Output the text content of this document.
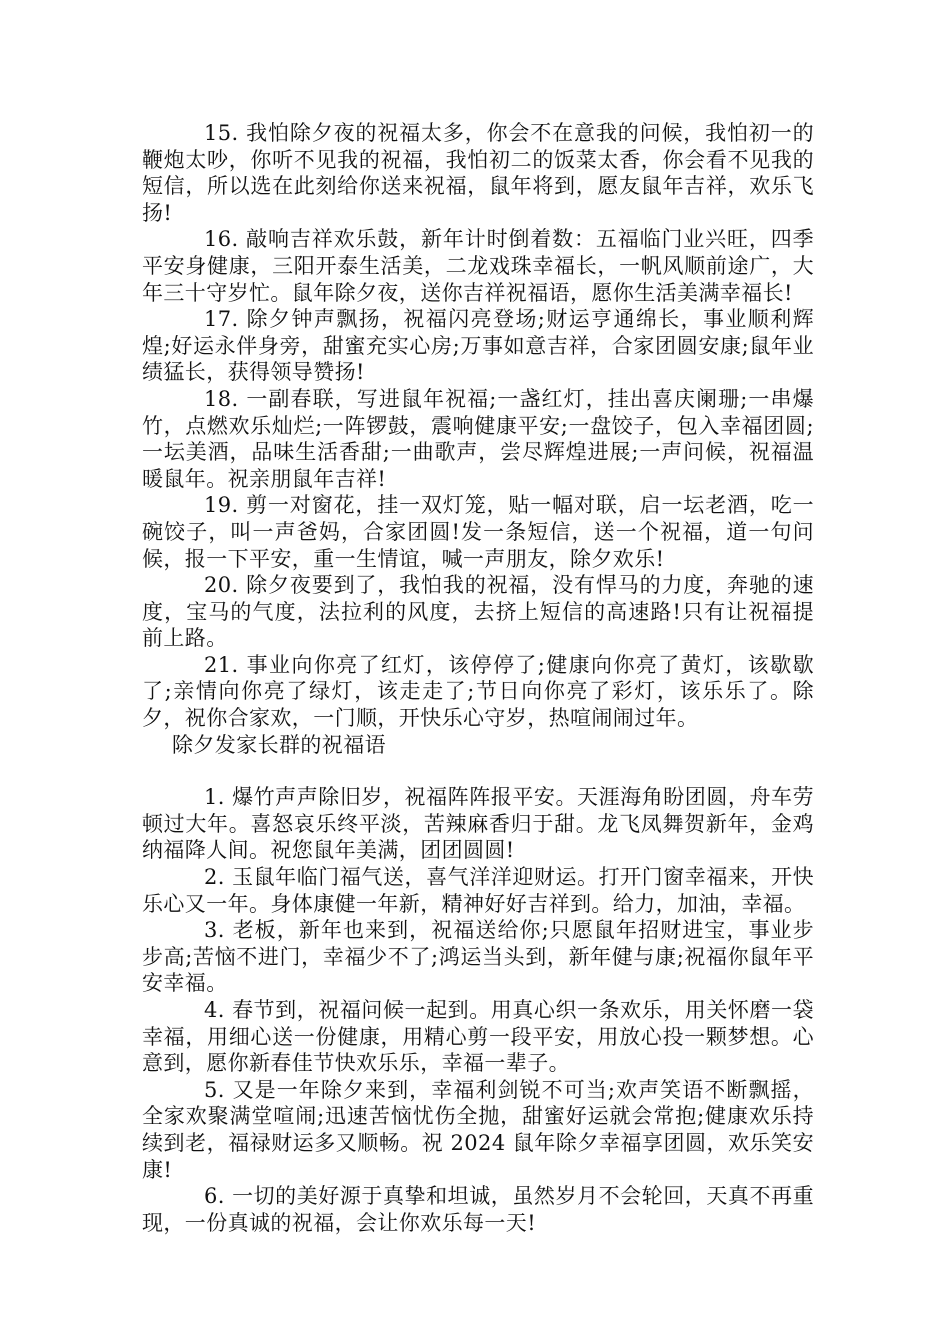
15. 我怕除夕夜的祝福太多，你会不在意我的问候，我怕初一的鞭炮太吵，你听不见我的祝福，我怕初二的饭菜太香，你会看不见我的短信，所以选在此刻给你送来祝福，鼠年将到，愿友鼠年吉祥，欢乐飞扬!

16. 敲响吉祥欢乐鼓，新年计时倒着数：五福临门业兴旺，四季平安身健康，三阳开泰生活美，二龙戏珠幸福长，一帆风顺前途广，大年三十守岁忙。鼠年除夕夜，送你吉祥祝福语，愿你生活美满幸福长!

17. 除夕钟声飘扬，祝福闪亮登场;财运亨通绵长，事业顺利辉煌;好运永伴身旁，甜蜜充实心房;万事如意吉祥，合家团圆安康;鼠年业绩猛长，获得领导赞扬!

18. 一副春联，写进鼠年祝福;一盏红灯，挂出喜庆阑珊;一串爆竹，点燃欢乐灿烂;一阵锣鼓，震响健康平安;一盘饺子，包入幸福团圆;一坛美酒，品味生活香甜;一曲歌声，尝尽辉煌进展;一声问候，祝福温暖鼠年。祝亲朋鼠年吉祥!

19. 剪一对窗花，挂一双灯笼，贴一幅对联，启一坛老酒，吃一碗饺子，叫一声爸妈，合家团圆!发一条短信，送一个祝福，道一句问候，报一下平安，重一生情谊，喊一声朋友，除夕欢乐!

20. 除夕夜要到了，我怕我的祝福，没有悍马的力度，奔驰的速度，宝马的气度，法拉利的风度，去挤上短信的高速路!只有让祝福提前上路。

21. 事业向你亮了红灯，该停停了;健康向你亮了黄灯，该歇歇了;亲情向你亮了绿灯，该走走了;节日向你亮了彩灯，该乐乐了。除夕，祝你合家欢，一门顺，开快乐心守岁，热喧闹闹过年。

除夕发家长群的祝福语

1. 爆竹声声除旧岁，祝福阵阵报平安。天涯海角盼团圆，舟车劳顿过大年。喜怒哀乐终平淡，苦辣麻香归于甜。龙飞凤舞贺新年，金鸡纳福降人间。祝您鼠年美满，团团圆圆!

2. 玉鼠年临门福气送，喜气洋洋迎财运。打开门窗幸福来，开快乐心又一年。身体康健一年新，精神好好吉祥到。给力，加油，幸福。

3. 老板，新年也来到，祝福送给你;只愿鼠年招财进宝，事业步步高;苦恼不进门，幸福少不了;鸿运当头到，新年健与康;祝福你鼠年平安幸福。

4. 春节到，祝福问候一起到。用真心织一条欢乐，用关怀磨一袋幸福，用细心送一份健康，用精心剪一段平安，用放心投一颗梦想。心意到，愿你新春佳节快欢乐乐，幸福一辈子。

5. 又是一年除夕来到，幸福利剑锐不可当;欢声笑语不断飘摇，全家欢聚满堂喧闹;迅速苦恼忧伤全抛，甜蜜好运就会常抱;健康欢乐持续到老，福禄财运多又顺畅。祝 2024 鼠年除夕幸福享团圆，欢乐笑安康!

6. 一切的美好源于真挚和坦诚，虽然岁月不会轮回，天真不再重现，一份真诚的祝福，会让你欢乐每一天!
